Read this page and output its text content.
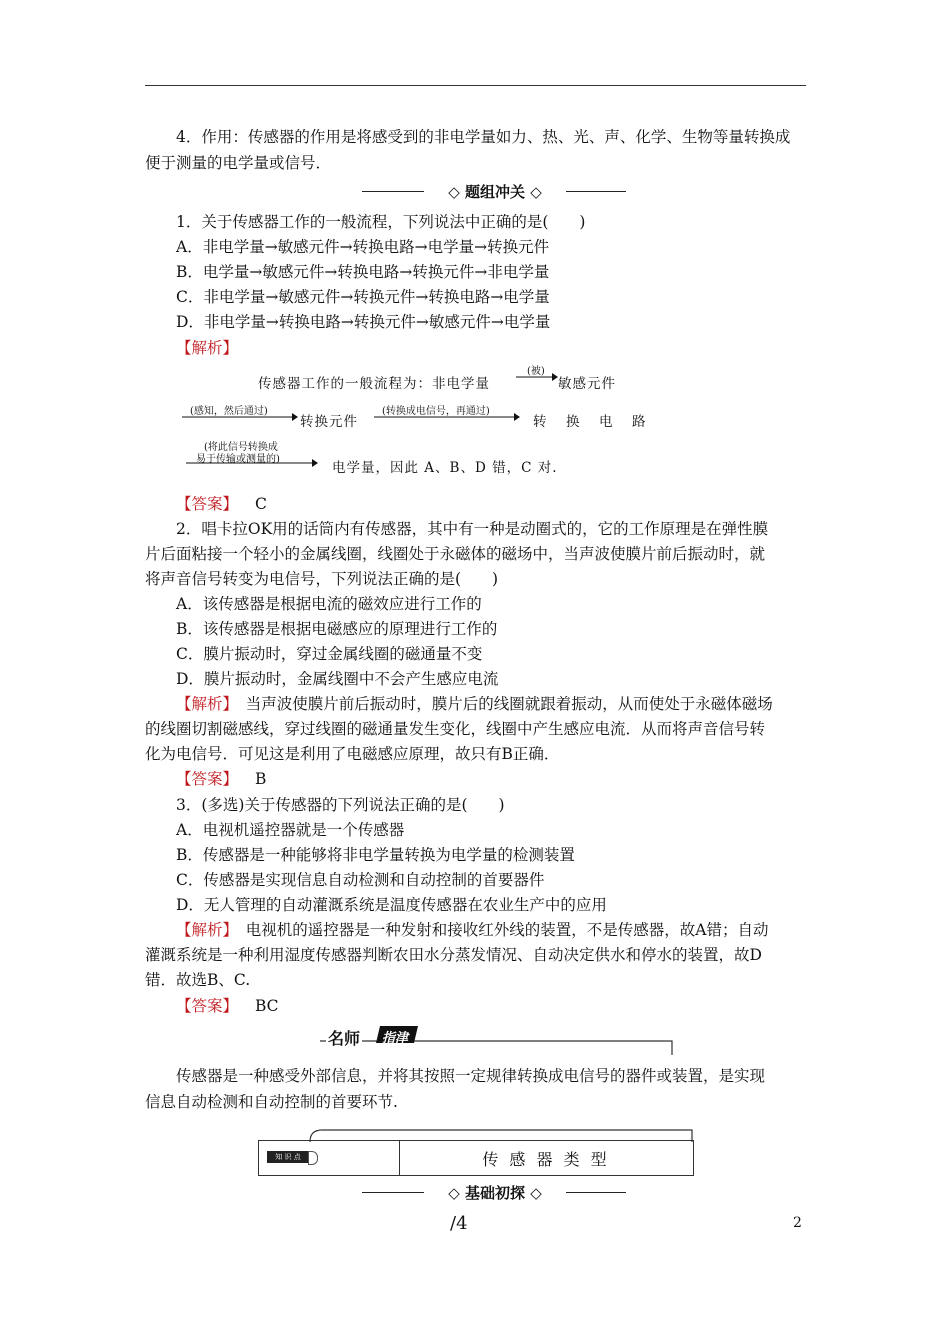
4．作用：传感器的作用是将感受到的非电学量如力、热、光、声、化学、生物等量转换成
便于测量的电学量或信号．
◇ 题组冲关 ◇
1．关于传感器工作的一般流程，下列说法中正确的是(　　)
A．非电学量→敏感元件→转换电路→电学量→转换元件
B．电学量→敏感元件→转换电路→转换元件→非电学量
C．非电学量→敏感元件→转换元件→转换电路→电学量
D．非电学量→转换电路→转换元件→敏感元件→电学量
【解析】
传感器工作的一般流程为：非电学量
(被)
敏感元件
(感知，然后通过)
转换元件
(转换成电信号，再通过)
转　换　电　路
(将此信号转换成
易于传输或测量的)
电学量，因此 A、B、D 错，C 对.
【答案】 C
2．唱卡拉OK用的话筒内有传感器，其中有一种是动圈式的，它的工作原理是在弹性膜
片后面粘接一个轻小的金属线圈，线圈处于永磁体的磁场中，当声波使膜片前后振动时，就
将声音信号转变为电信号，下列说法正确的是(　　)
A．该传感器是根据电流的磁效应进行工作的
B．该传感器是根据电磁感应的原理进行工作的
C．膜片振动时，穿过金属线圈的磁通量不变
D．膜片振动时，金属线圈中不会产生感应电流
【解析】　当声波使膜片前后振动时，膜片后的线圈就跟着振动，从而使处于永磁体磁场
的线圈切割磁感线，穿过线圈的磁通量发生变化，线圈中产生感应电流．从而将声音信号转
化为电信号．可见这是利用了电磁感应原理，故只有B正确．
【答案】 B
3．(多选)关于传感器的下列说法正确的是(　　)
A．电视机遥控器就是一个传感器
B．传感器是一种能够将非电学量转换为电学量的检测装置
C．传感器是实现信息自动检测和自动控制的首要器件
D．无人管理的自动灌溉系统是温度传感器在农业生产中的应用
【解析】　电视机的遥控器是一种发射和接收红外线的装置，不是传感器，故A错；自动
灌溉系统是一种利用湿度传感器判断农田水分蒸发情况、自动决定供水和停水的装置，故D
错．故选B、C.
【答案】 BC
名师 指津
传感器是一种感受外部信息，并将其按照一定规律转换成电信号的器件或装置，是实现
信息自动检测和自动控制的首要环节.
知 识 点	传 感 器 类 型
◇ 基础初探 ◇
/4	2
